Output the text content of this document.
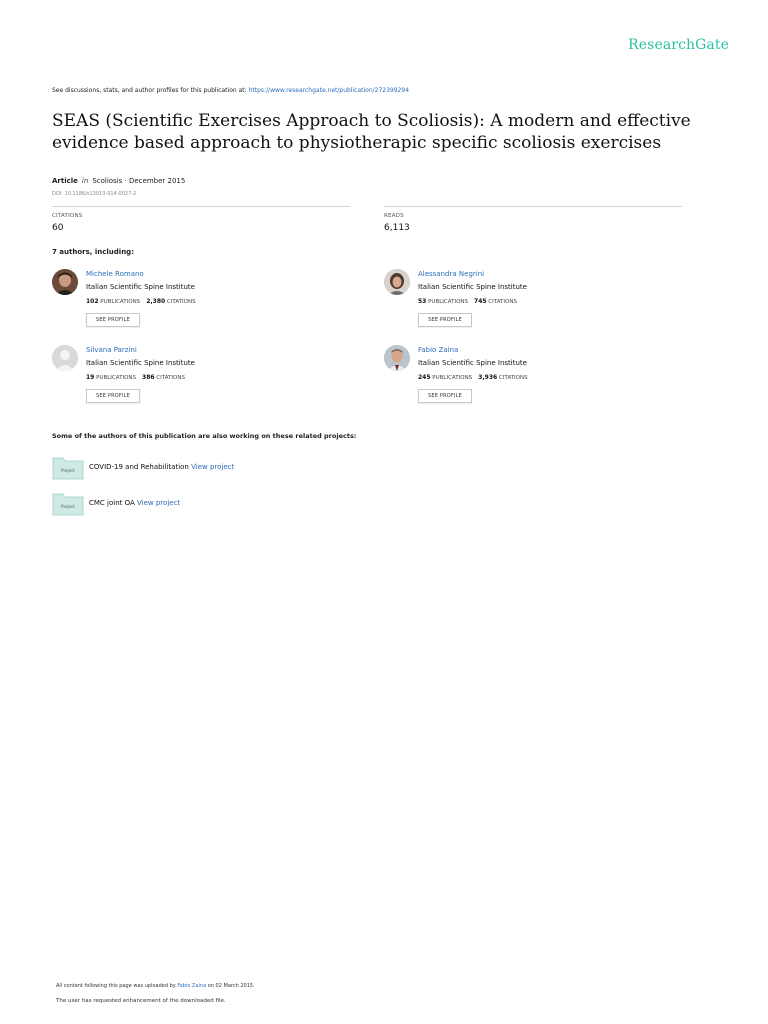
ResearchGate
See discussions, stats, and author profiles for this publication at: https://www.researchgate.net/publication/272399294
SEAS (Scientific Exercises Approach to Scoliosis): A modern and effective evidence based approach to physiotherapic specific scoliosis exercises
Article in Scoliosis · December 2015
DOI: 10.1186/s13013-014-0027-2
CITATIONS
60
READS
6,113
7 authors, including:
Michele Romano
Italian Scientific Spine Institute
102 PUBLICATIONS 2,380 CITATIONS
SEE PROFILE
Alessandra Negrini
Italian Scientific Spine Institute
53 PUBLICATIONS 745 CITATIONS
SEE PROFILE
Silvana Parzini
Italian Scientific Spine Institute
19 PUBLICATIONS 386 CITATIONS
SEE PROFILE
Fabio Zaina
Italian Scientific Spine Institute
245 PUBLICATIONS 3,936 CITATIONS
SEE PROFILE
Some of the authors of this publication are also working on these related projects:
Project COVID-19 and Rehabilitation View project
Project CMC joint OA View project
All content following this page was uploaded by Fabio Zaina on 02 March 2015.
The user has requested enhancement of the downloaded file.
